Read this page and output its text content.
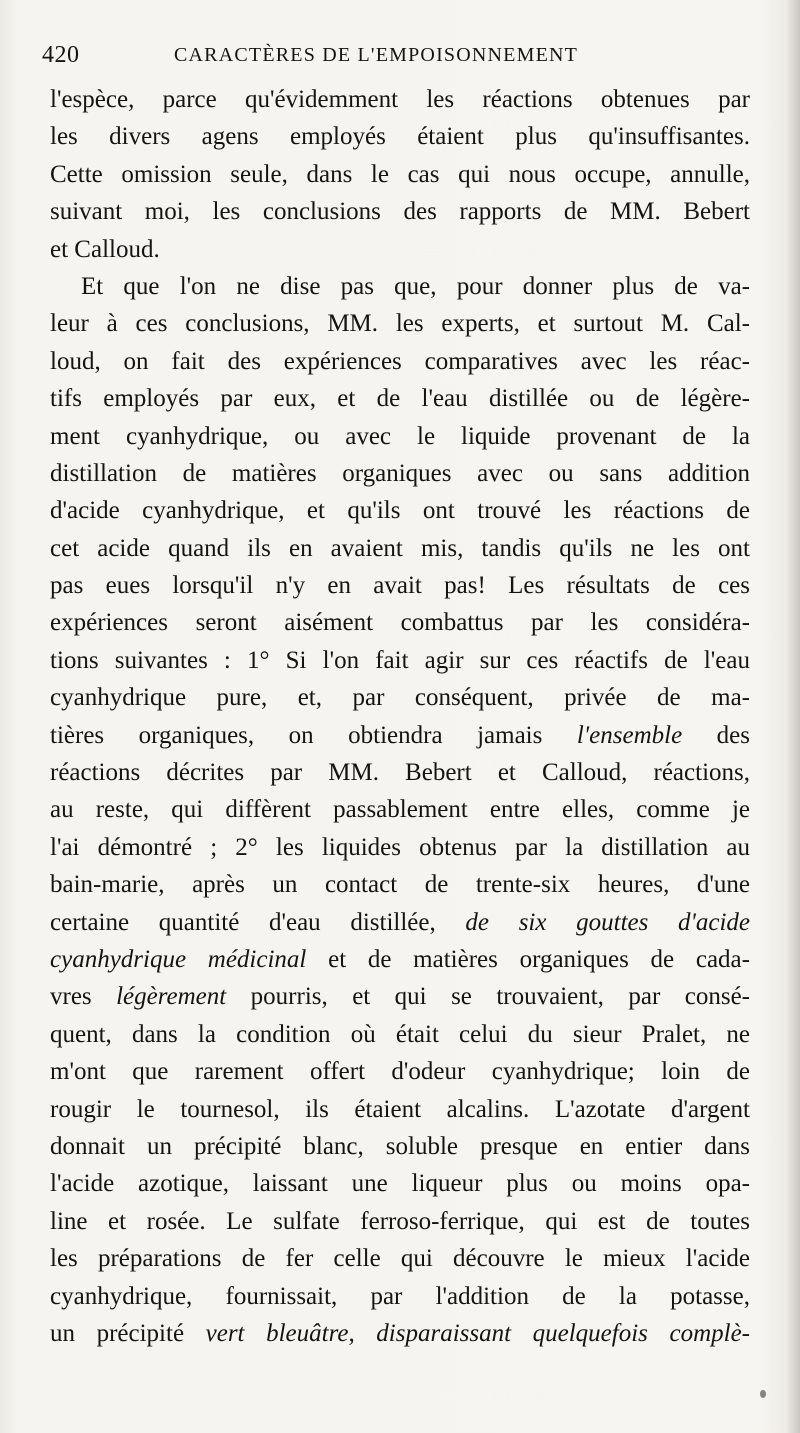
420	CARACTÈRES DE L'EMPOISONNEMENT
l'espèce, parce qu'évidemment les réactions obtenues par
les divers agens employés étaient plus qu'insuffisantes.
Cette omission seule, dans le cas qui nous occupe, annulle,
suivant moi, les conclusions des rapports de MM. Bebert
et Calloud.
Et que l'on ne dise pas que, pour donner plus de va-
leur à ces conclusions, MM. les experts, et surtout M. Cal-
loud, on fait des expériences comparatives avec les réac-
tifs employés par eux, et de l'eau distillée ou de légère-
ment cyanhydrique, ou avec le liquide provenant de la
distillation de matières organiques avec ou sans addition
d'acide cyanhydrique, et qu'ils ont trouvé les réactions de
cet acide quand ils en avaient mis, tandis qu'ils ne les ont
pas eues lorsqu'il n'y en avait pas! Les résultats de ces
expériences seront aisément combattus par les considéra-
tions suivantes : 1° Si l'on fait agir sur ces réactifs de l'eau
cyanhydrique pure, et, par conséquent, privée de ma-
tières organiques, on obtiendra jamais l'ensemble des
réactions décrites par MM. Bebert et Calloud, réactions,
au reste, qui diffèrent passablement entre elles, comme je
l'ai démontré ; 2° les liquides obtenus par la distillation au
bain-marie, après un contact de trente-six heures, d'une
certaine quantité d'eau distillée, de six gouttes d'acide
cyanhydrique médicinal et de matières organiques de cada-
vres légèrement pourris, et qui se trouvaient, par consé-
quent, dans la condition où était celui du sieur Pralet, ne
m'ont que rarement offert d'odeur cyanhydrique; loin de
rougir le tournesol, ils étaient alcalins. L'azotate d'argent
donnait un précipité blanc, soluble presque en entier dans
l'acide azotique, laissant une liqueur plus ou moins opa-
line et rosée. Le sulfate ferroso-ferrique, qui est de toutes
les préparations de fer celle qui découvre le mieux l'acide
cyanhydrique, fournissait, par l'addition de la potasse,
un précipité vert bleuâtre, disparaissant quelquefois complè-
